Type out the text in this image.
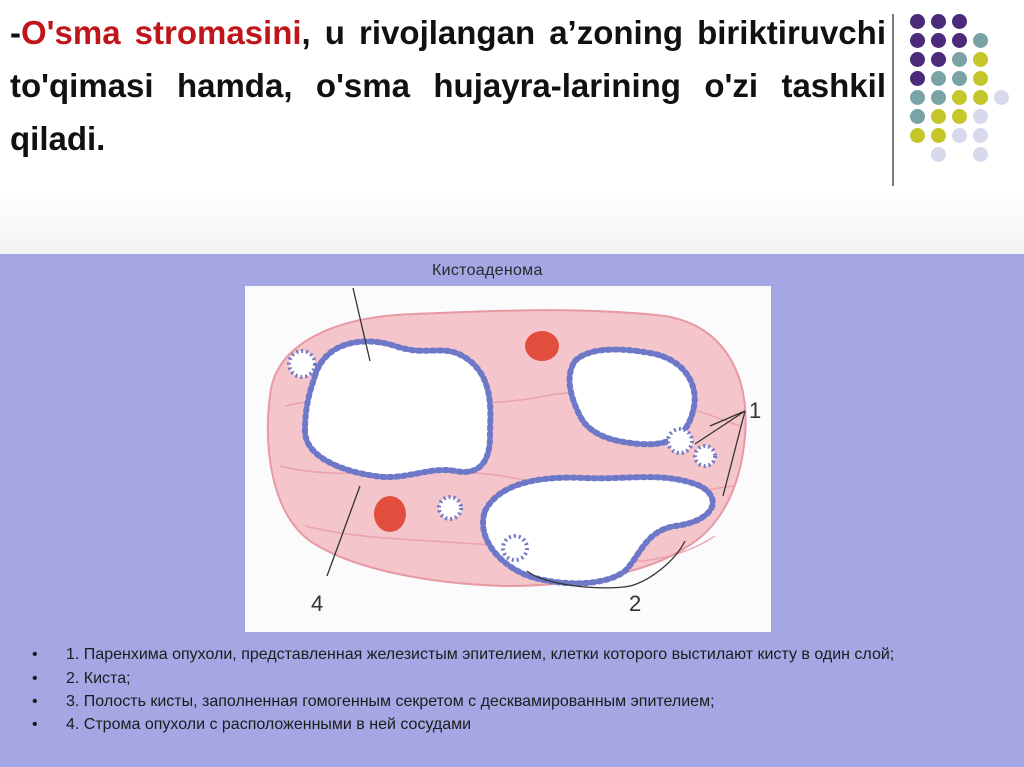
-O'sma stromasini, u rivojlangan a’zoning biriktiruvchi to'qimasi hamda, o'sma hujayra-larining o'zi tashkil qiladi.
Кистоаденома
1
2
4
• 1. Паренхима опухоли, представленная железистым эпителием, клетки которого выстилают кисту в один слой;
• 2. Киста;
• 3. Полость кисты, заполненная гомогенным секретом с десквамированным эпителием;
• 4. Строма опухоли с расположенными в ней сосудами
